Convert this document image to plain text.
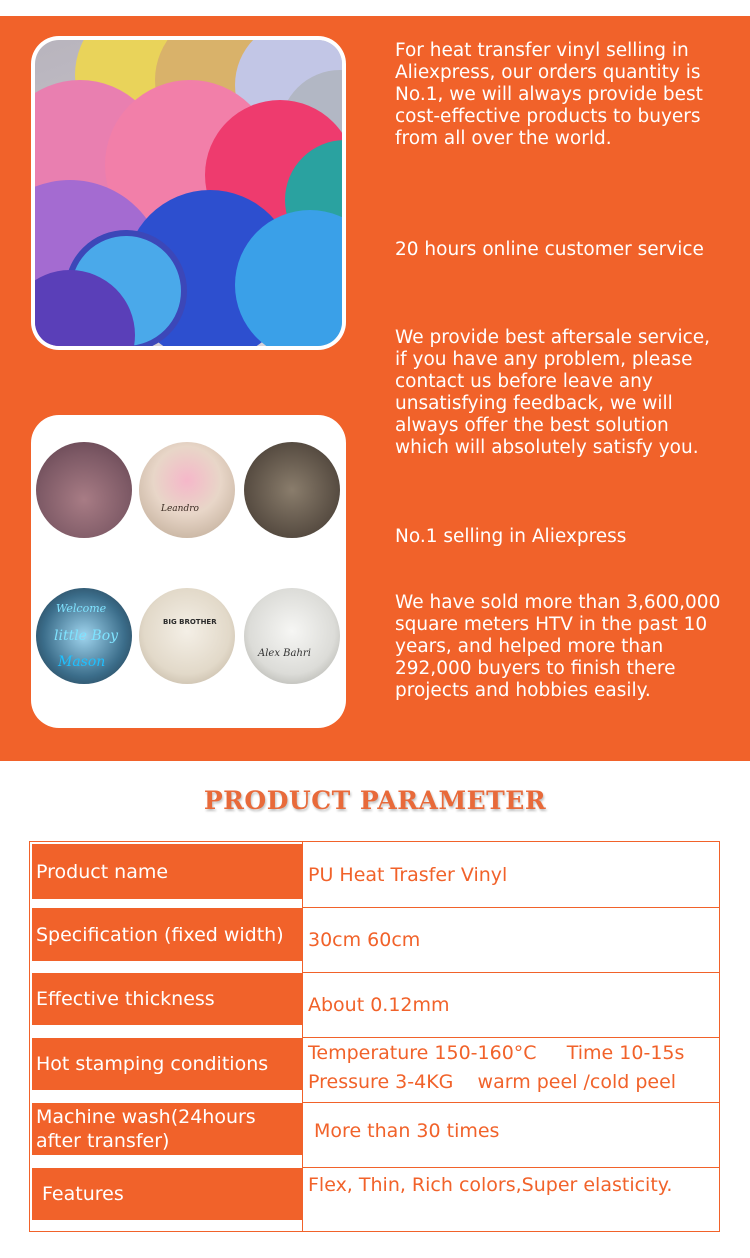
Leandro
Welcome
little Boy
Mason
BIG BROTHER
Alex Bahri

For heat transfer vinyl selling in Aliexpress, our orders quantity is No.1, we will always provide best cost-effective products to buyers from all over the world.

20 hours online customer service

We provide best aftersale service, if you have any problem, please contact us before leave any unsatisfying feedback, we will always offer the best solution which will absolutely satisfy you.

No.1 selling in Aliexpress

We have sold more than 3,600,000 square meters HTV in the past 10 years, and helped more than 292,000 buyers to finish there projects and hobbies easily.

PRODUCT PARAMETER
Product name	PU Heat Trasfer Vinyl
Specification (fixed width)	30cm 60cm
Effective thickness	About 0.12mm
Hot stamping conditions	Temperature 150-160°C     Time 10-15s
Pressure 3-4KG    warm peel /cold peel
Machine wash(24hours
after transfer)	More than 30 times
Features	Flex, Thin, Rich colors,Super elasticity.
